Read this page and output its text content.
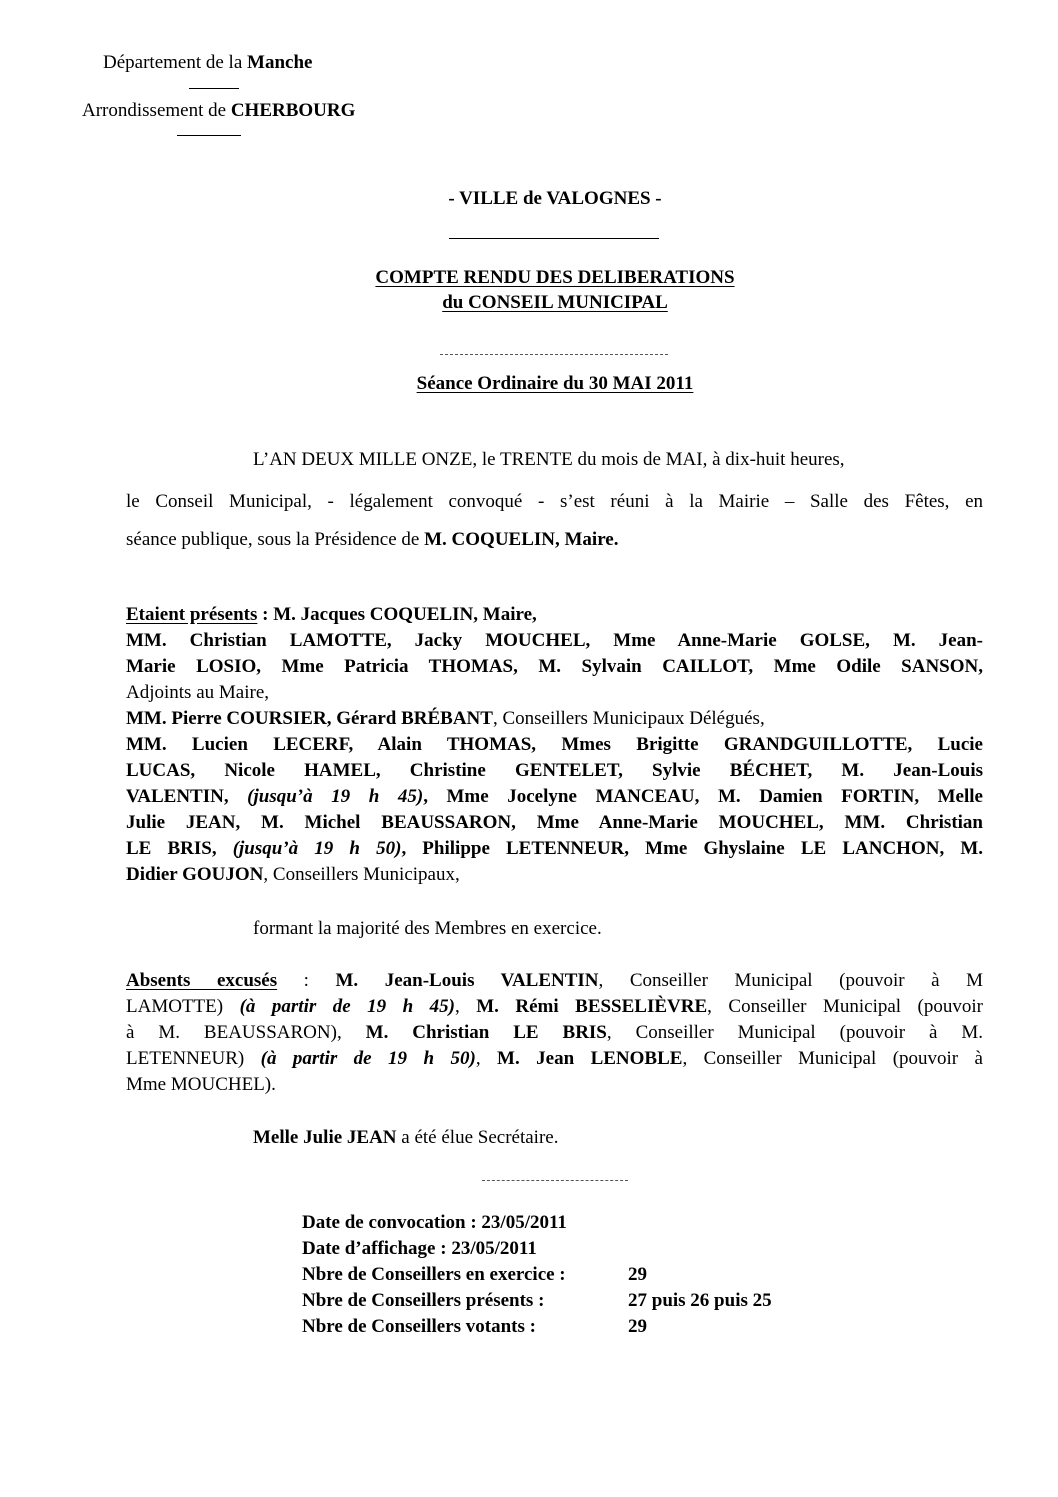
Département de la Manche
Arrondissement de CHERBOURG
- VILLE de VALOGNES -
COMPTE RENDU DES DELIBERATIONS
du CONSEIL MUNICIPAL
Séance Ordinaire du 30 MAI 2011
L’AN DEUX MILLE ONZE, le TRENTE du mois de MAI, à dix-huit heures,
le Conseil Municipal, - légalement convoqué - s’est réuni à la Mairie – Salle des Fêtes, en
séance publique, sous la Présidence de M. COQUELIN, Maire.
Etaient présents : M. Jacques COQUELIN, Maire,
MM. Christian LAMOTTE, Jacky MOUCHEL, Mme Anne-Marie GOLSE, M. Jean-
Marie LOSIO, Mme Patricia THOMAS, M. Sylvain CAILLOT, Mme Odile SANSON,
Adjoints au Maire,
MM. Pierre COURSIER, Gérard BRÉBANT, Conseillers Municipaux Délégués,
MM. Lucien LECERF, Alain THOMAS, Mmes Brigitte GRANDGUILLOTTE, Lucie
LUCAS, Nicole HAMEL, Christine GENTELET, Sylvie BÉCHET, M. Jean-Louis
VALENTIN, (jusqu’à 19 h 45), Mme Jocelyne MANCEAU, M. Damien FORTIN, Melle
Julie JEAN, M. Michel BEAUSSARON, Mme Anne-Marie MOUCHEL, MM. Christian
LE BRIS, (jusqu’à 19 h 50), Philippe LETENNEUR, Mme Ghyslaine LE LANCHON, M.
Didier GOUJON, Conseillers Municipaux,
formant la majorité des Membres en exercice.
Absents excusés : M. Jean-Louis VALENTIN, Conseiller Municipal (pouvoir à M
LAMOTTE) (à partir de 19 h 45), M. Rémi BESSELIÈVRE, Conseiller Municipal (pouvoir
à M. BEAUSSARON), M. Christian LE BRIS, Conseiller Municipal (pouvoir à M.
LETENNEUR) (à partir de 19 h 50), M. Jean LENOBLE, Conseiller Municipal (pouvoir à
Mme MOUCHEL).
Melle Julie JEAN a été élue Secrétaire.
Date de convocation : 23/05/2011
Date d’affichage : 23/05/2011
Nbre de Conseillers en exercice :	29
Nbre de Conseillers présents :	27 puis 26 puis 25
Nbre de Conseillers votants :	29
